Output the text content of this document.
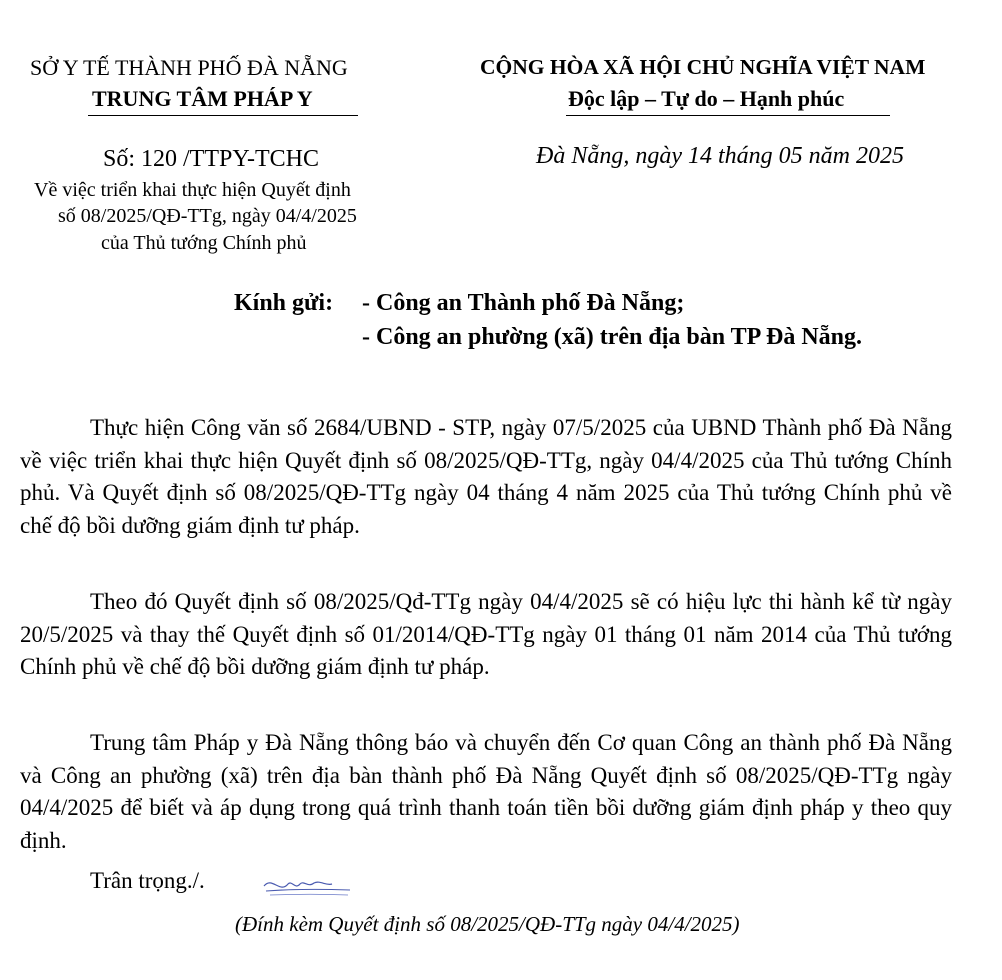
SỞ Y TẾ THÀNH PHỐ ĐÀ NẴNG
TRUNG TÂM PHÁP Y
Số: 120 /TTPY-TCHC
Về việc triển khai thực hiện Quyết định
số 08/2025/QĐ-TTg, ngày 04/4/2025
của Thủ tướng Chính phủ
CỘNG HÒA XÃ HỘI CHỦ NGHĨA VIỆT NAM
Độc lập – Tự do – Hạnh phúc
Đà Nẵng, ngày 14 tháng 05 năm 2025
Kính gửi: - Công an Thành phố Đà Nẵng;
- Công an phường (xã) trên địa bàn TP Đà Nẵng.
Thực hiện Công văn số 2684/UBND - STP, ngày 07/5/2025 của UBND Thành phố Đà Nẵng về việc triển khai thực hiện Quyết định số 08/2025/QĐ-TTg, ngày 04/4/2025 của Thủ tướng Chính phủ. Và Quyết định số 08/2025/QĐ-TTg ngày 04 tháng 4 năm 2025 của Thủ tướng Chính phủ về chế độ bồi dưỡng giám định tư pháp.
Theo đó Quyết định số 08/2025/Qđ-TTg ngày 04/4/2025 sẽ có hiệu lực thi hành kể từ ngày 20/5/2025 và thay thế Quyết định số 01/2014/QĐ-TTg ngày 01 tháng 01 năm 2014 của Thủ tướng Chính phủ về chế độ bồi dưỡng giám định tư pháp.
Trung tâm Pháp y Đà Nẵng thông báo và chuyển đến Cơ quan Công an thành phố Đà Nẵng và Công an phường (xã) trên địa bàn thành phố Đà Nẵng Quyết định số 08/2025/QĐ-TTg ngày 04/4/2025 để biết và áp dụng trong quá trình thanh toán tiền bồi dưỡng giám định pháp y theo quy định.
Trân trọng./.
(Đính kèm Quyết định số 08/2025/QĐ-TTg ngày 04/4/2025)
